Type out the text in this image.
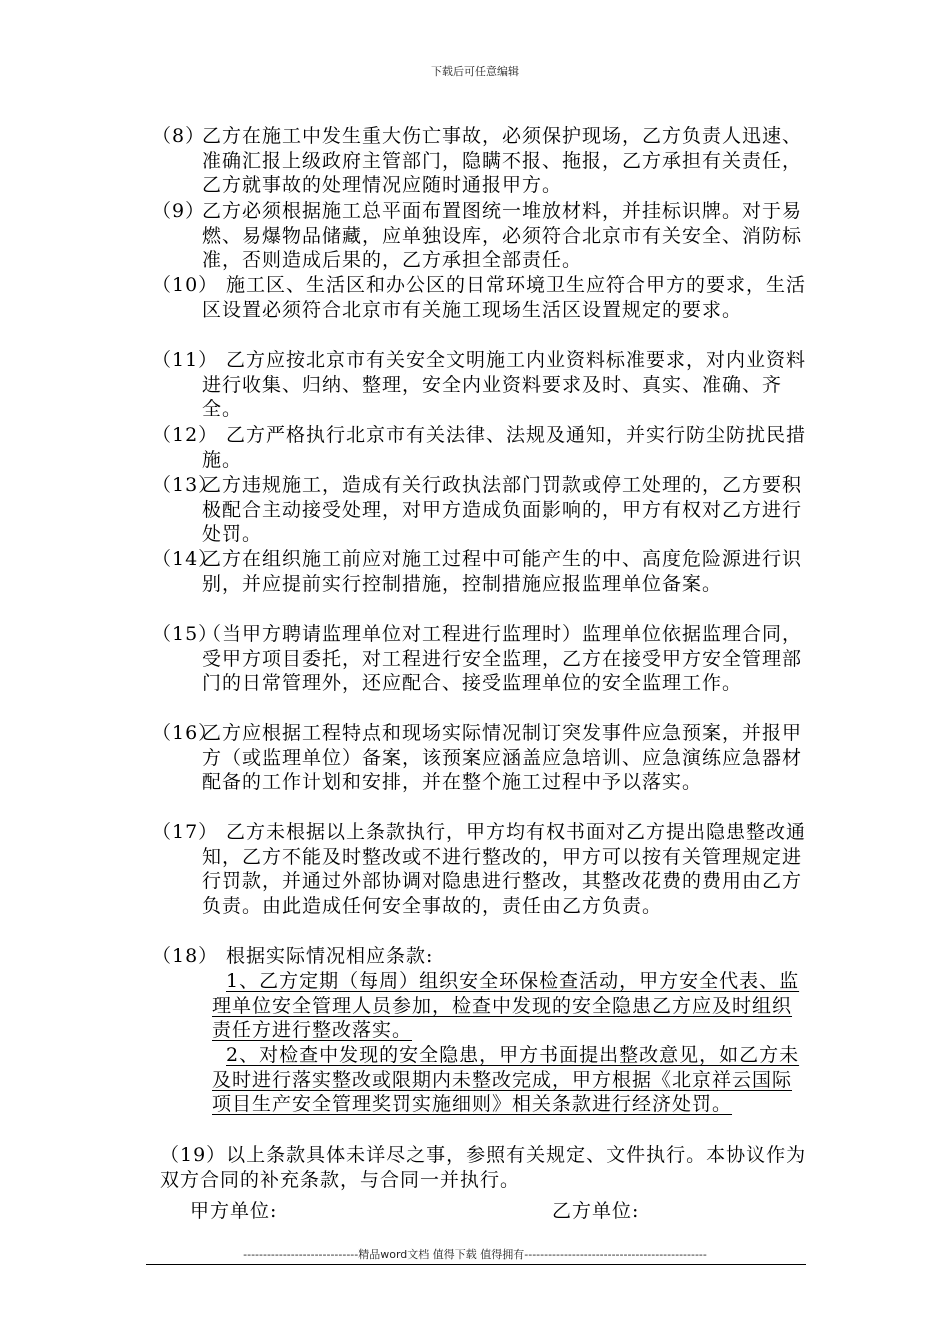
下载后可任意编辑
（8）
乙方在施工中发生重大伤亡事故，必须保护现场，乙方负责人迅速、准确汇报上级政府主管部门，隐瞒不报、拖报，乙方承担有关责任，乙方就事故的处理情况应随时通报甲方。
（9）
乙方必须根据施工总平面布置图统一堆放材料，并挂标识牌。对于易燃、易爆物品储藏，应单独设库，必须符合北京市有关安全、消防标准，否则造成后果的，乙方承担全部责任。
（10） 施工区、生活区和办公区的日常环境卫生应符合甲方的要求，生活区设置必须符合北京市有关施工现场生活区设置规定的要求。
（11） 乙方应按北京市有关安全文明施工内业资料标准要求，对内业资料进行收集、归纳、整理，安全内业资料要求及时、真实、准确、齐全。
（12） 乙方严格执行北京市有关法律、法规及通知，并实行防尘防扰民措施。
（13）
乙方违规施工，造成有关行政执法部门罚款或停工处理的，乙方要积极配合主动接受处理，对甲方造成负面影响的，甲方有权对乙方进行处罚。
（14）
乙方在组织施工前应对施工过程中可能产生的中、高度危险源进行识别，并应提前实行控制措施，控制措施应报监理单位备案。
（15）
（当甲方聘请监理单位对工程进行监理时）监理单位依据监理合同，受甲方项目委托，对工程进行安全监理，乙方在接受甲方安全管理部门的日常管理外，还应配合、接受监理单位的安全监理工作。
（16）
乙方应根据工程特点和现场实际情况制订突发事件应急预案，并报甲方（或监理单位）备案，该预案应涵盖应急培训、应急演练应急器材配备的工作计划和安排，并在整个施工过程中予以落实。
（17） 乙方未根据以上条款执行，甲方均有权书面对乙方提出隐患整改通知，乙方不能及时整改或不进行整改的，甲方可以按有关管理规定进行罚款，并通过外部协调对隐患进行整改，其整改花费的费用由乙方负责。由此造成任何安全事故的，责任由乙方负责。
（18） 根据实际情况相应条款:
1、乙方定期（每周）组织安全环保检查活动，甲方安全代表、监理单位安全管理人员参加，检查中发现的安全隐患乙方应及时组织责任方进行整改落实。
2、对检查中发现的安全隐患，甲方书面提出整改意见，如乙方未及时进行落实整改或限期内未整改完成，甲方根据《北京祥云国际项目生产安全管理奖罚实施细则》相关条款进行经济处罚。
（19）以上条款具体未详尽之事，参照有关规定、文件执行。本协议作为双方合同的补充条款，与合同一并执行。
甲方单位:	乙方单位:
-----------------------------精品word文档 值得下载 值得拥有----------------------------------------------
